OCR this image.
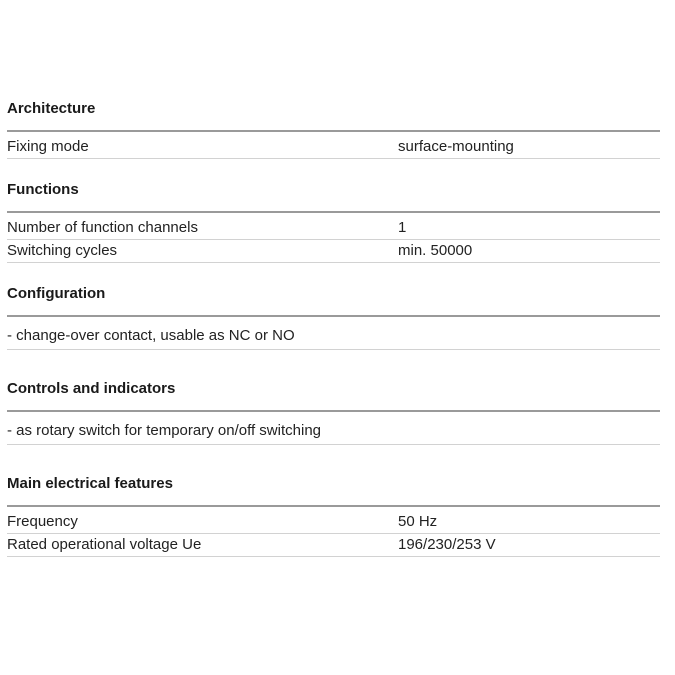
Architecture
Fixing mode	surface-mounting
Functions
Number of function channels	1
Switching cycles	min. 50000
Configuration
- change-over contact, usable as NC or NO
Controls and indicators
- as rotary switch for temporary on/off switching
Main electrical features
Frequency	50 Hz
Rated operational voltage Ue	196/230/253 V
